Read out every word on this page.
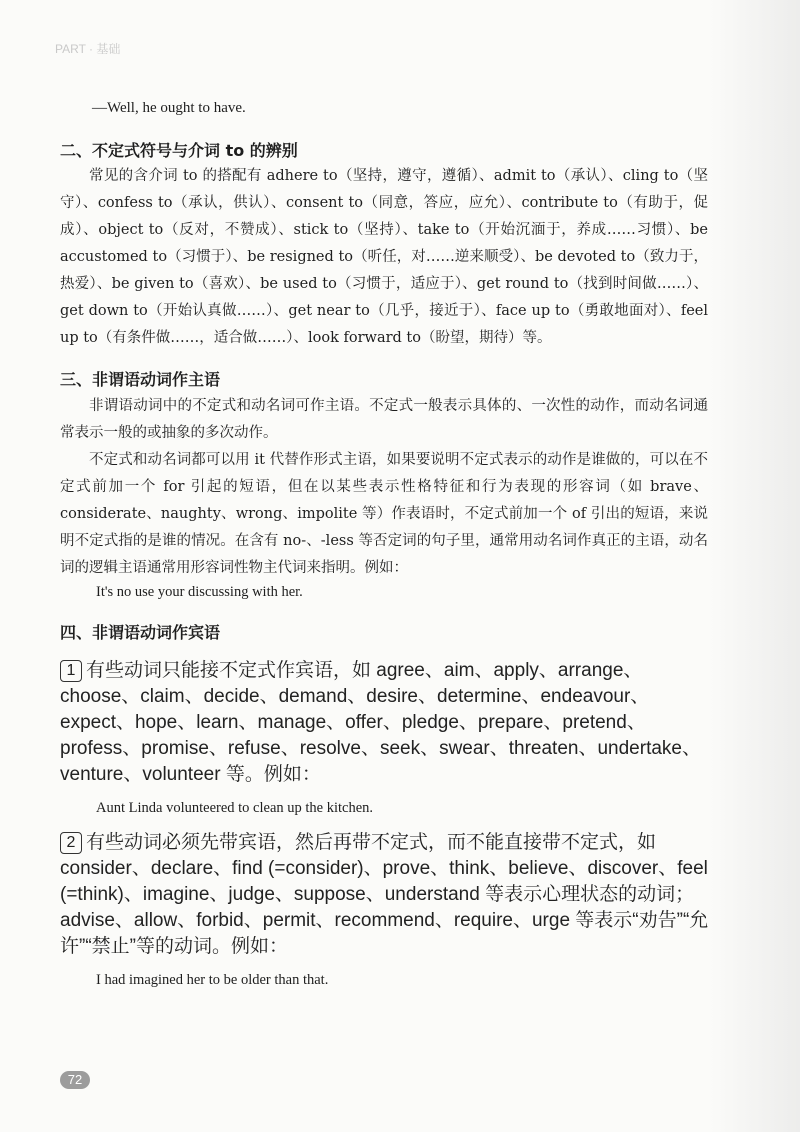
PART · 基础
—Well, he ought to have.
二、不定式符号与介词 to 的辨别
常见的含介词 to 的搭配有 adhere to（坚持，遵守，遵循）、admit to（承认）、cling to（坚守）、confess to（承认，供认）、consent to（同意，答应，应允）、contribute to（有助于，促成）、object to（反对，不赞成）、stick to（坚持）、take to（开始沉湎于，养成……习惯）、be accustomed to（习惯于）、be resigned to（听任，对……逆来顺受）、be devoted to（致力于，热爱）、be given to（喜欢）、be used to（习惯于，适应于）、get round to（找到时间做……）、get down to（开始认真做……）、get near to（几乎，接近于）、face up to（勇敢地面对）、feel up to（有条件做……，适合做……）、look forward to（盼望，期待）等。
三、非谓语动词作主语
非谓语动词中的不定式和动名词可作主语。不定式一般表示具体的、一次性的动作，而动名词通常表示一般的或抽象的多次动作。
不定式和动名词都可以用 it 代替作形式主语，如果要说明不定式表示的动作是谁做的，可以在不定式前加一个 for 引起的短语，但在以某些表示性格特征和行为表现的形容词（如 brave、considerate、naughty、wrong、impolite 等）作表语时，不定式前加一个 of 引出的短语，来说明不定式指的是谁的情况。在含有 no-、-less 等否定词的句子里，通常用动名词作真正的主语，动名词的逻辑主语通常用形容词性物主代词来指明。例如：
It's no use your discussing with her.
四、非谓语动词作宾语
1 有些动词只能接不定式作宾语，如 agree、aim、apply、arrange、choose、claim、decide、demand、desire、determine、endeavour、expect、hope、learn、manage、offer、pledge、prepare、pretend、profess、promise、refuse、resolve、seek、swear、threaten、undertake、venture、volunteer 等。例如：
Aunt Linda volunteered to clean up the kitchen.
2 有些动词必须先带宾语，然后再带不定式，而不能直接带不定式，如 consider、declare、find (=consider)、prove、think、believe、discover、feel (=think)、imagine、judge、suppose、understand 等表示心理状态的动词；advise、allow、forbid、permit、recommend、require、urge 等表示“劝告”“允许”“禁止”等的动词。例如：
I had imagined her to be older than that.
72
